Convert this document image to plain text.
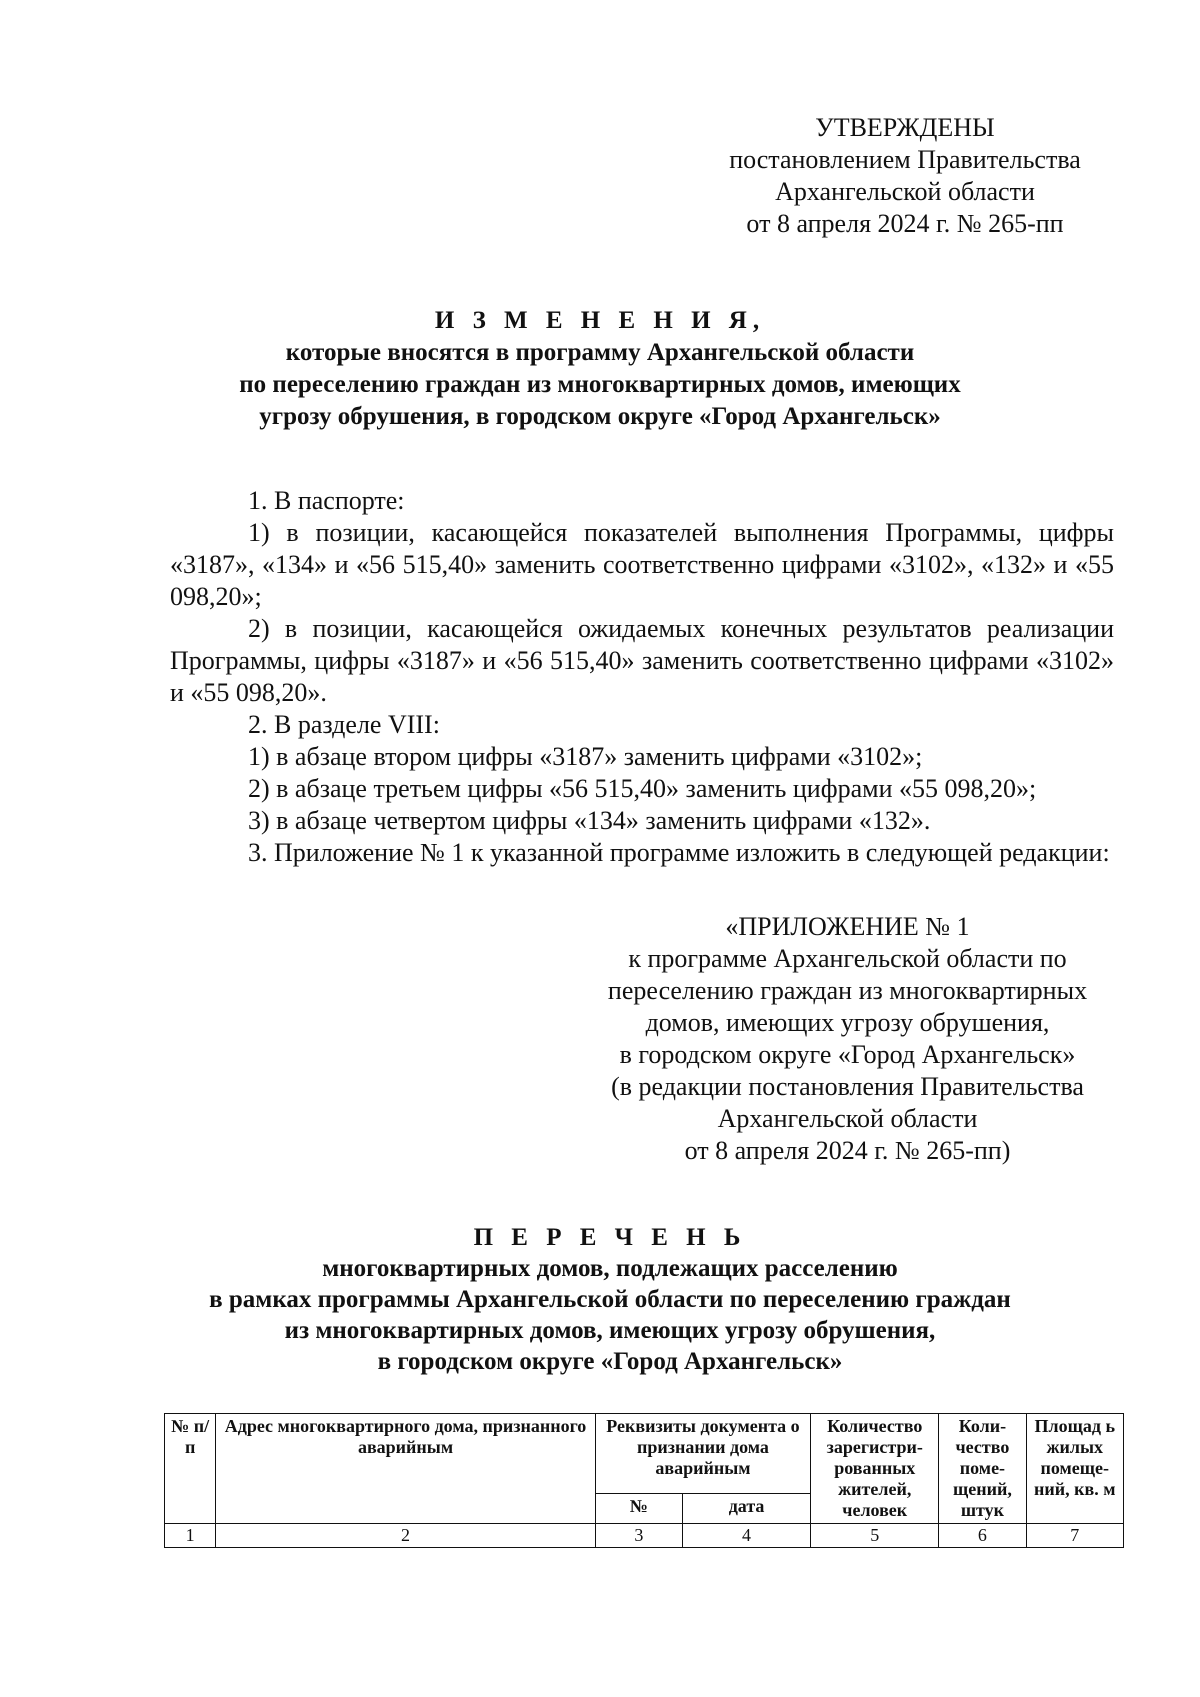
УТВЕРЖДЕНЫ
постановлением Правительства
Архангельской области
от 8 апреля 2024 г. № 265-пп
И З М Е Н Е Н И Я,
которые вносятся в программу Архангельской области
по переселению граждан из многоквартирных домов, имеющих
угрозу обрушения, в городском округе «Город Архангельск»

1. В паспорте:

1) в позиции, касающейся показателей выполнения Программы, цифры «3187», «134» и «56 515,40» заменить соответственно цифрами «3102», «132» и «55 098,20»;

2) в позиции, касающейся ожидаемых конечных результатов реализации Программы, цифры «3187» и «56 515,40» заменить соответственно цифрами «3102» и «55 098,20».

2. В разделе VIII:

1) в абзаце втором цифры «3187» заменить цифрами «3102»;

2) в абзаце третьем цифры «56 515,40» заменить цифрами «55 098,20»;

3) в абзаце четвертом цифры «134» заменить цифрами «132».

3. Приложение № 1 к указанной программе изложить в следующей редакции:

«ПРИЛОЖЕНИЕ № 1
к программе Архангельской области по
переселению граждан из многоквартирных
домов, имеющих угрозу обрушения,
в городском округе «Город Архангельск»
(в редакции постановления Правительства
Архангельской области
от 8 апреля 2024 г. № 265-пп)
П Е Р Е Ч Е Н Ь
многоквартирных домов, подлежащих расселению
в рамках программы Архангельской области по переселению граждан
из многоквартирных домов, имеющих угрозу обрушения,
в городском округе «Город Архангельск»
№ п/п	Адрес многоквартирного дома, признанного аварийным	Реквизиты документа о признании дома аварийным		Количество зарегистри-рованных жителей, человек	Коли-чество поме-щений, штук	Площад ь жилых помеще-ний, кв. м
		№	дата			
1	2	3	4	5	6	7
